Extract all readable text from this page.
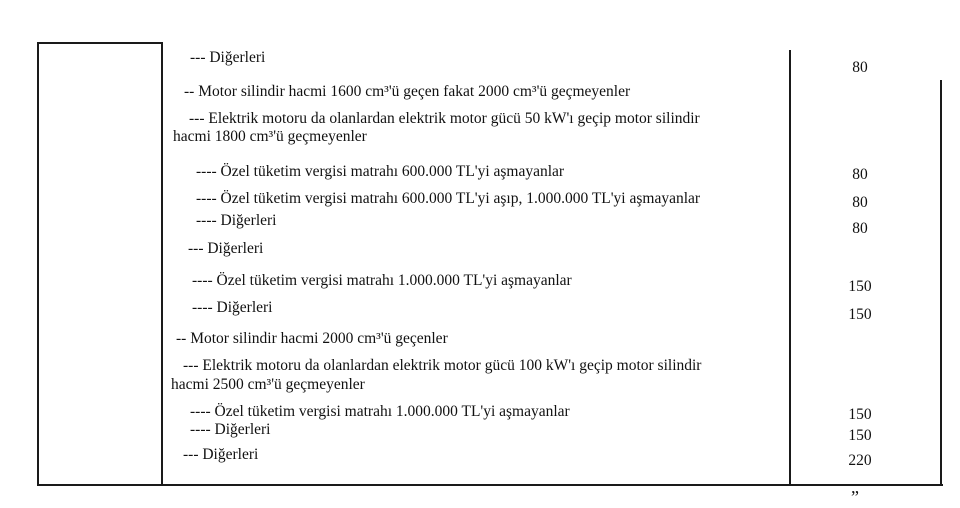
--- Diğerleri
-- Motor silindir hacmi 1600 cm³'ü geçen fakat 2000 cm³'ü geçmeyenler
--- Elektrik motoru da olanlardan elektrik motor gücü 50 kW'ı geçip motor silindir
hacmi 1800 cm³'ü geçmeyenler
---- Özel tüketim vergisi matrahı 600.000 TL'yi aşmayanlar
---- Özel tüketim vergisi matrahı 600.000 TL'yi aşıp, 1.000.000 TL'yi aşmayanlar
---- Diğerleri
--- Diğerleri
---- Özel tüketim vergisi matrahı 1.000.000 TL'yi aşmayanlar
---- Diğerleri
-- Motor silindir hacmi 2000 cm³'ü geçenler
--- Elektrik motoru da olanlardan elektrik motor gücü 100 kW'ı geçip motor silindir
hacmi 2500 cm³'ü geçmeyenler
---- Özel tüketim vergisi matrahı 1.000.000 TL'yi aşmayanlar
---- Diğerleri
--- Diğerleri
80
80
80
80
150
150
150
150
220
”
